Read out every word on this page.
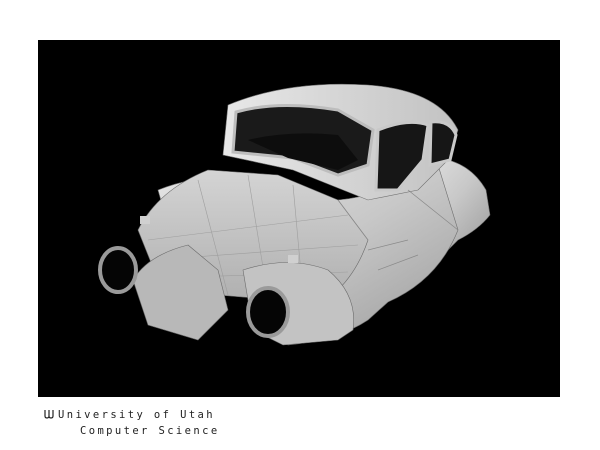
University of Utah
Computer Science
